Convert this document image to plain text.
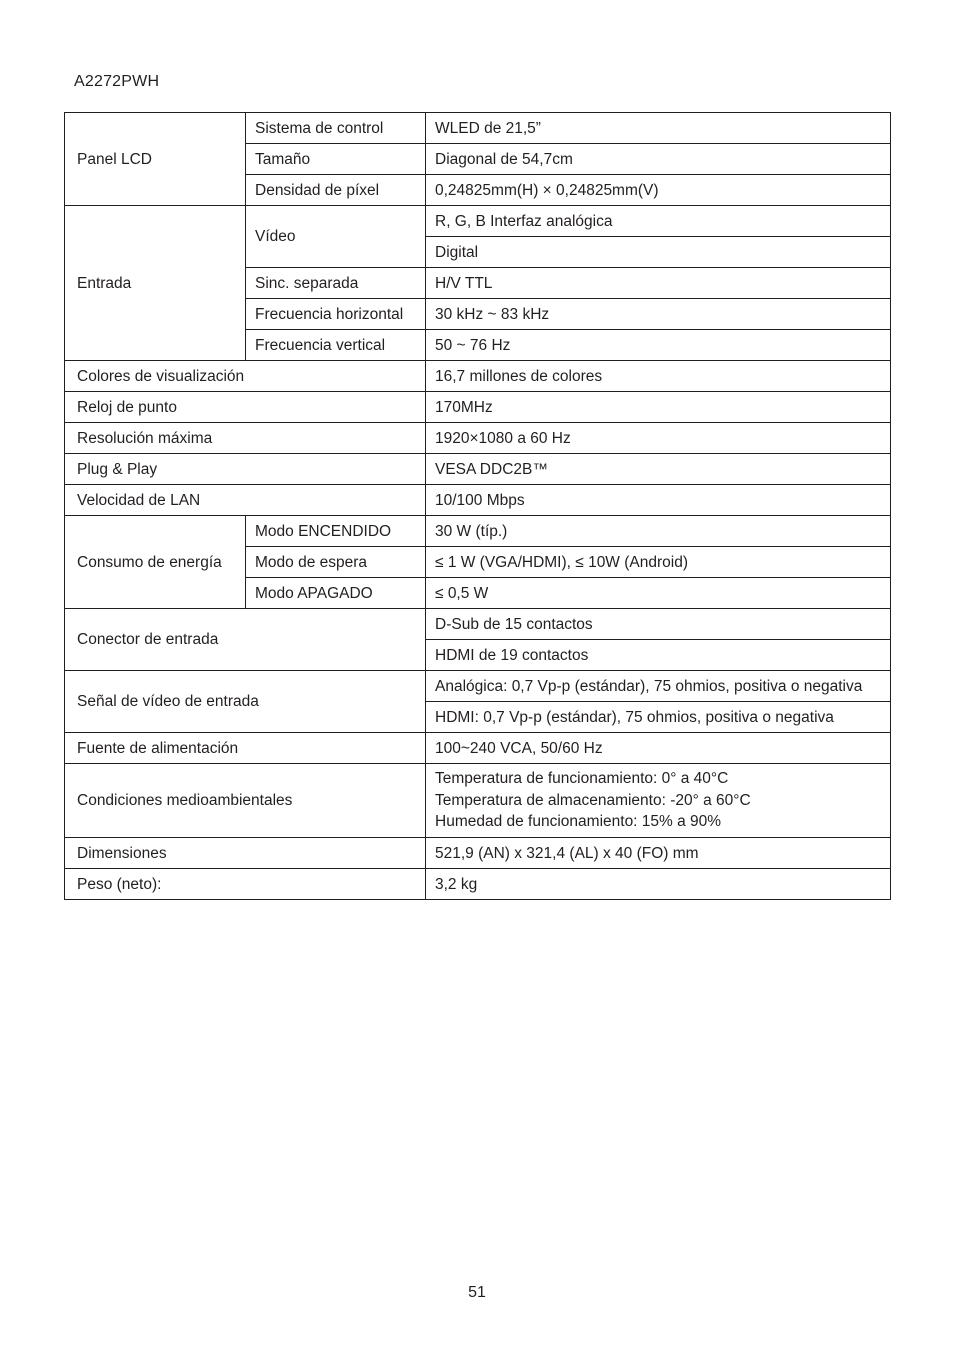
A2272PWH
Panel LCD	Sistema de control	WLED de 21,5”
	Tamaño	Diagonal de 54,7cm
	Densidad de píxel	0,24825mm(H) × 0,24825mm(V)
Entrada	Vídeo	R, G, B Interfaz analógica
		Digital
	Sinc. separada	H/V TTL
	Frecuencia horizontal	30 kHz ~ 83 kHz
	Frecuencia vertical	50 ~ 76 Hz
Colores de visualización		16,7 millones de colores
Reloj de punto		170MHz
Resolución máxima		1920×1080 a 60 Hz
Plug & Play		VESA DDC2B™
Velocidad de LAN		10/100 Mbps
Consumo de energía	Modo ENCENDIDO	30 W (típ.)
	Modo de espera	≤ 1 W (VGA/HDMI), ≤ 10W (Android)
	Modo APAGADO	≤ 0,5 W
Conector de entrada		D-Sub de 15 contactos
		HDMI de 19 contactos
Señal de vídeo de entrada		Analógica: 0,7 Vp-p (estándar), 75 ohmios, positiva o negativa
		HDMI: 0,7 Vp-p (estándar), 75 ohmios, positiva o negativa
Fuente de alimentación		100~240 VCA, 50/60 Hz
Condiciones medioambientales		Temperatura de funcionamiento: 0° a 40°C
Temperatura de almacenamiento: -20° a 60°C
Humedad de funcionamiento: 15% a 90%

Dimensiones		521,9 (AN) x 321,4 (AL) x 40 (FO) mm
Peso (neto):		3,2 kg
51
